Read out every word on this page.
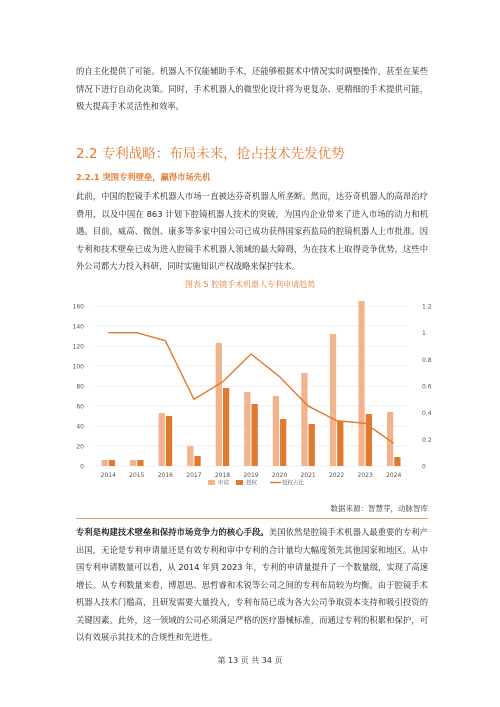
的自主化提供了可能。机器人不仅能辅助手术，还能够根据术中情况实时调整操作，甚至在某些情况下进行自动化决策。同时，手术机器人的微型化设计将为更复杂、更精细的手术提供可能，极大提高手术灵活性和效率。

2.2 专利战略：布局未来，抢占技术先发优势
2.2.1 突围专利壁垒，赢得市场先机

此前，中国的腔镜手术机器人市场一直被达芬奇机器人所垄断。然而，达芬奇机器人的高昂治疗费用，以及中国在 863 计划下腔镜机器人技术的突破，为国内企业带来了进入市场的动力和机遇。目前，威高、微创、康多等多家中国公司已成功获得国家药监局的腔镜机器人上市批准。因专利和技术壁垒已成为进入腔镜手术机器人领域的最大障碍，为在技术上取得竞争优势，这些中外公司都大力投入科研，同时实施知识产权战略来保护技术。

图表 5 腔镜手术机器人专利申请趋势
0
20
40
60
80
100
120
140
160
0
0.2
0.4
0.6
0.8
1
1.2
2014 2015 2016 2017 2018 2019 2020 2021 2022 2023 2024
申请	授权	授权占比
数据来源：智慧芽，动脉智库

专利是构建技术壁垒和保持市场竞争力的核心手段。美国依然是腔镜手术机器人最重要的专利产出国，无论是专利申请量还是有效专利和审中专利的合计量均大幅度领先其他国家和地区。从中国专利申请数量可以看，从 2014 年到 2023 年，专利的申请量提升了一个数量级，实现了高速增长。从专利数量来看，博恩思、思哲睿和术锐等公司之间的专利布局较为均衡。由于腔镜手术机器人技术门槛高，且研发需要大量投入，专利布局已成为各大公司争取资本支持和吸引投资的关键因素。此外，这一领域的公司必须满足严格的医疗器械标准，而通过专利的积累和保护，可以有效展示其技术的合规性和先进性。

第 13 页 共 34 页
